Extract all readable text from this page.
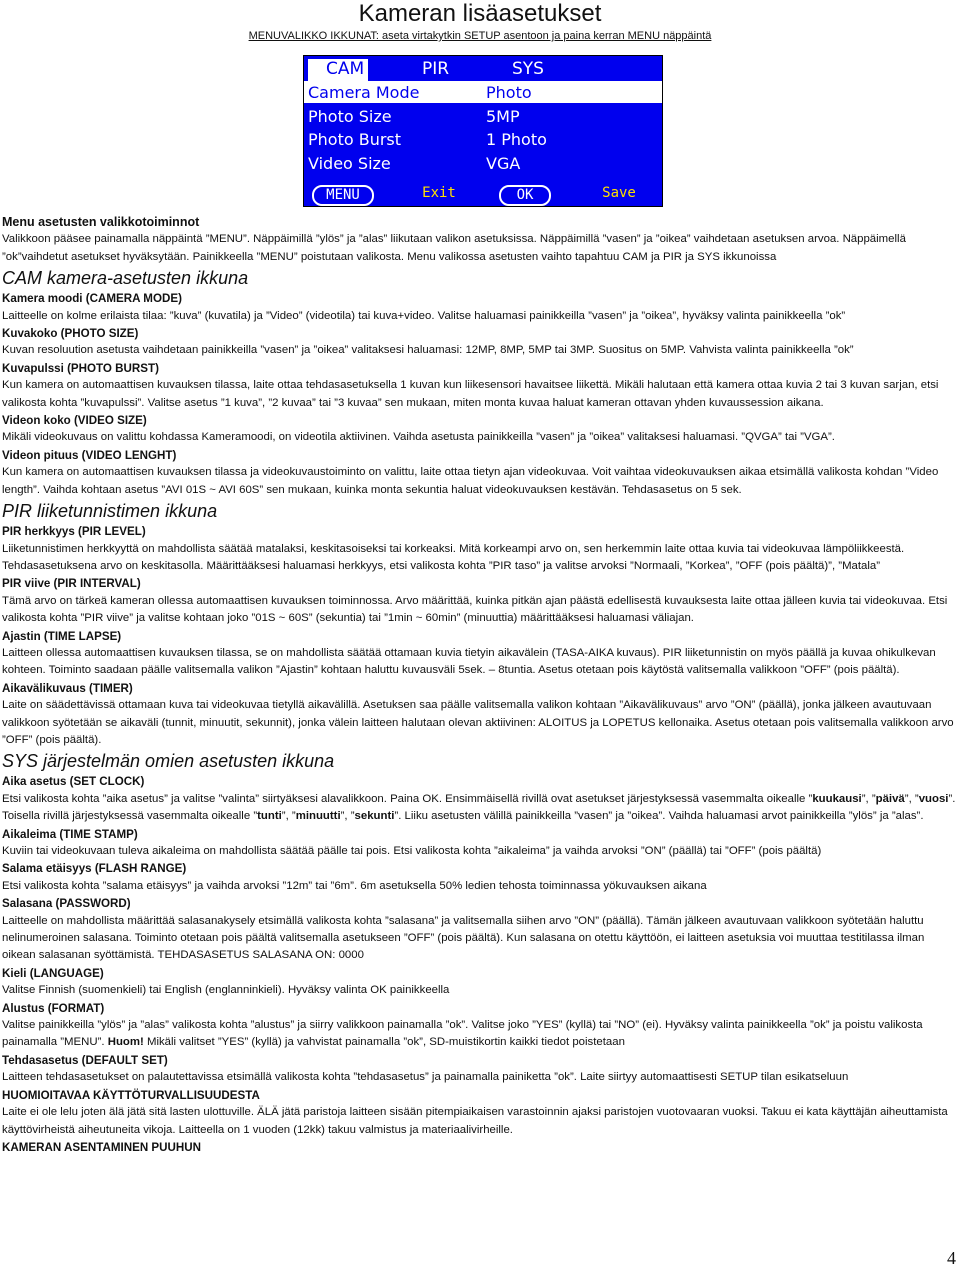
Kameran lisäasetukset
MENUVALIKKO IKKUNAT: aseta virtakytkin SETUP asentoon ja paina kerran MENU näppäintä
CAM	PIR	SYS
Camera Mode	Photo
Photo Size	5MP
Photo Burst	1 Photo
Video Size	VGA
MENU	Exit	OK	Save

Menu asetusten valikkotoiminnot

Valikkoon pääsee painamalla näppäintä ”MENU”. Näppäimillä ”ylös” ja ”alas” liikutaan valikon asetuksissa. Näppäimillä ”vasen” ja ”oikea” vaihdetaan asetuksen arvoa. Näppäimellä ”ok”vaihdetut asetukset hyväksytään. Painikkeella ”MENU” poistutaan valikosta. Menu valikossa asetusten vaihto tapahtuu CAM ja PIR ja SYS ikkunoissa

CAM kamera-asetusten ikkuna

Kamera moodi (CAMERA MODE)

Laitteelle on kolme erilaista tilaa: ”kuva” (kuvatila) ja ”Video” (videotila) tai kuva+video. Valitse haluamasi painikkeilla ”vasen” ja ”oikea”, hyväksy valinta painikkeella ”ok”

Kuvakoko (PHOTO SIZE)

Kuvan resoluution asetusta vaihdetaan painikkeilla ”vasen” ja ”oikea” valitaksesi haluamasi: 12MP, 8MP, 5MP tai 3MP. Suositus on 5MP. Vahvista valinta painikkeella ”ok”

Kuvapulssi (PHOTO BURST)

Kun kamera on automaattisen kuvauksen tilassa, laite ottaa tehdasasetuksella 1 kuvan kun liikesensori havaitsee liikettä. Mikäli halutaan että kamera ottaa kuvia 2 tai 3 kuvan sarjan, etsi valikosta kohta ”kuvapulssi”. Valitse asetus ”1 kuva”, ”2 kuvaa” tai ”3 kuvaa” sen mukaan, miten monta kuvaa haluat kameran ottavan yhden kuvaussession aikana.

Videon koko (VIDEO SIZE)

Mikäli videokuvaus on valittu kohdassa Kameramoodi, on videotila aktiivinen. Vaihda asetusta painikkeilla ”vasen” ja ”oikea” valitaksesi haluamasi. ”QVGA” tai ”VGA”.

Videon pituus (VIDEO LENGHT)

Kun kamera on automaattisen kuvauksen tilassa ja videokuvaustoiminto on valittu, laite ottaa tietyn ajan videokuvaa. Voit vaihtaa videokuvauksen aikaa etsimällä valikosta kohdan ”Video length”. Vaihda kohtaan asetus ”AVI 01S ~ AVI 60S” sen mukaan, kuinka monta sekuntia haluat videokuvauksen kestävän. Tehdasasetus on 5 sek.

PIR liiketunnistimen ikkuna

PIR herkkyys (PIR LEVEL)

Liiketunnistimen herkkyyttä on mahdollista säätää matalaksi, keskitasoiseksi tai korkeaksi. Mitä korkeampi arvo on, sen herkemmin laite ottaa kuvia tai videokuvaa lämpöliikkeestä. Tehdasasetuksena arvo on keskitasolla. Määrittääksesi haluamasi herkkyys, etsi valikosta kohta ”PIR taso” ja valitse arvoksi ”Normaali, ”Korkea”, ”OFF (pois päältä)”, ”Matala”

PIR viive (PIR INTERVAL)

Tämä arvo on tärkeä kameran ollessa automaattisen kuvauksen toiminnossa. Arvo määrittää, kuinka pitkän ajan päästä edellisestä kuvauksesta laite ottaa jälleen kuvia tai videokuvaa. Etsi valikosta kohta ”PIR viive” ja valitse kohtaan joko ”01S ~ 60S” (sekuntia) tai ”1min ~ 60min” (minuuttia) määrittääksesi haluamasi väliajan.

Ajastin (TIME LAPSE)

Laitteen ollessa automaattisen kuvauksen tilassa, se on mahdollista säätää ottamaan kuvia tietyin aikavälein (TASA-AIKA kuvaus). PIR liiketunnistin on myös päällä ja kuvaa ohikulkevan kohteen. Toiminto saadaan päälle valitsemalla valikon ”Ajastin” kohtaan haluttu kuvausväli 5sek. – 8tuntia. Asetus otetaan pois käytöstä valitsemalla valikkoon ”OFF” (pois päältä).

Aikavälikuvaus (TIMER)

Laite on säädettävissä ottamaan kuva tai videokuvaa tietyllä aikavälillä. Asetuksen saa päälle valitsemalla valikon kohtaan ”Aikavälikuvaus” arvo ”ON” (päällä), jonka jälkeen avautuvaan valikkoon syötetään se aikaväli (tunnit, minuutit, sekunnit), jonka välein laitteen halutaan olevan aktiivinen: ALOITUS ja LOPETUS kellonaika. Asetus otetaan pois valitsemalla valikkoon arvo ”OFF” (pois päältä).

SYS järjestelmän omien asetusten ikkuna

Aika asetus (SET CLOCK)

Etsi valikosta kohta ”aika asetus” ja valitse ”valinta” siirtyäksesi alavalikkoon. Paina OK. Ensimmäisellä rivillä ovat asetukset järjestyksessä vasemmalta oikealle ”kuukausi”, ”päivä”, ”vuosi”. Toisella rivillä järjestyksessä vasemmalta oikealle ”tunti”, ”minuutti”, ”sekunti”. Liiku asetusten välillä painikkeilla ”vasen” ja ”oikea”. Vaihda haluamasi arvot painikkeilla ”ylös” ja ”alas”.

Aikaleima (TIME STAMP)

Kuviin tai videokuvaan tuleva aikaleima on mahdollista säätää päälle tai pois. Etsi valikosta kohta ”aikaleima” ja vaihda arvoksi ”ON” (päällä) tai ”OFF” (pois päältä)

Salama etäisyys (FLASH RANGE)

Etsi valikosta kohta ”salama etäisyys” ja vaihda arvoksi ”12m” tai ”6m”. 6m asetuksella 50% ledien tehosta toiminnassa yökuvauksen aikana

Salasana (PASSWORD)

Laitteelle on mahdollista määrittää salasanakysely etsimällä valikosta kohta ”salasana” ja valitsemalla siihen arvo ”ON” (päällä). Tämän jälkeen avautuvaan valikkoon syötetään haluttu nelinumeroinen salasana. Toiminto otetaan pois päältä valitsemalla asetukseen ”OFF” (pois päältä). Kun salasana on otettu käyttöön, ei laitteen asetuksia voi muuttaa testitilassa ilman oikean salasanan syöttämistä. TEHDASASETUS SALASANA ON: 0000

Kieli (LANGUAGE)

Valitse Finnish (suomenkieli) tai English (englanninkieli). Hyväksy valinta OK painikkeella

Alustus (FORMAT)

Valitse painikkeilla ”ylös” ja ”alas” valikosta kohta ”alustus” ja siirry valikkoon painamalla ”ok”. Valitse joko ”YES” (kyllä) tai ”NO” (ei). Hyväksy valinta painikkeella ”ok” ja poistu valikosta painamalla ”MENU”. Huom! Mikäli valitset ”YES” (kyllä) ja vahvistat painamalla ”ok”, SD-muistikortin kaikki tiedot poistetaan

Tehdasasetus (DEFAULT SET)

Laitteen tehdasasetukset on palautettavissa etsimällä valikosta kohta ”tehdasasetus” ja painamalla painiketta ”ok”. Laite siirtyy automaattisesti SETUP tilan esikatseluun

HUOMIOITAVAA KÄYTTÖTURVALLISUUDESTA

Laite ei ole lelu joten älä jätä sitä lasten ulottuville. ÄLÄ jätä paristoja laitteen sisään pitempiaikaisen varastoinnin ajaksi paristojen vuotovaaran vuoksi. Takuu ei kata käyttäjän aiheuttamista käyttövirheistä aiheutuneita vikoja. Laitteella on 1 vuoden (12kk) takuu valmistus ja materiaalivirheille.

KAMERAN ASENTAMINEN PUUHUN

4
